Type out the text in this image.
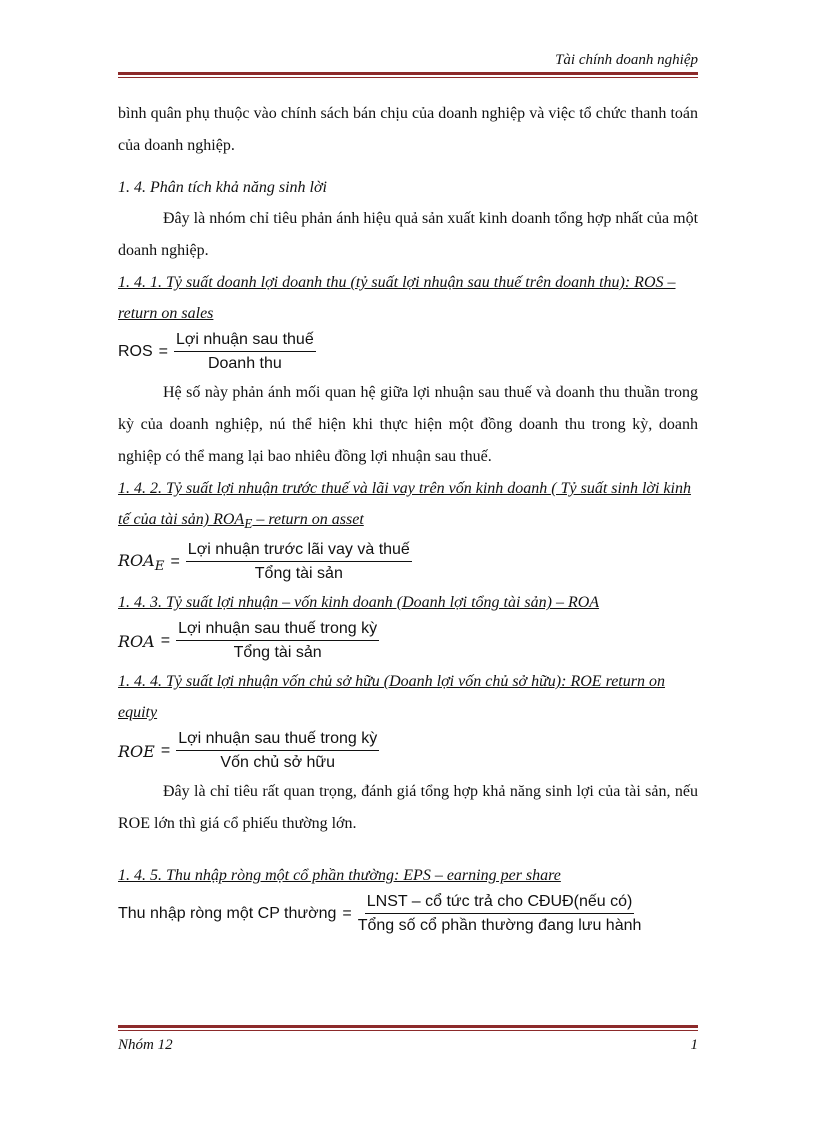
Tài chính doanh nghiệp

bình quân phụ thuộc vào chính sách bán chịu của doanh nghiệp và việc tổ chức thanh toán của doanh nghiệp.

1. 4. Phân tích khả năng sinh lời

Đây là nhóm chỉ tiêu phản ánh hiệu quả sản xuất kinh doanh tổng hợp nhất của một doanh nghiệp.

1. 4. 1. Tỷ suất doanh lợi doanh thu (tỷ suất lợi nhuận sau thuế trên doanh thu): ROS – return on sales

ROS = $\frac{\text{Lợi nhuận sau thuế}}{\text{Doanh thu}}$

Hệ số này phản ánh mối quan hệ giữa lợi nhuận sau thuế và doanh thu thuần trong kỳ của doanh nghiệp, nú thể hiện khi thực hiện một đồng doanh thu trong kỳ, doanh nghiệp có thể mang lại bao nhiêu đồng lợi nhuận sau thuế.

1. 4. 2. Tỷ suất lợi nhuận trước thuế và lãi vay trên vốn kinh doanh ( Tỷ suất sinh lời kinh tế của tài sản) $ROA_E$ – return on asset

$ROA_E = \frac{\text{Lợi nhuận trước lãi vay và thuế}}{\text{Tổng tài sản}}$

1. 4. 3. Tỷ suất lợi nhuận – vốn kinh doanh (Doanh lợi tổng tài sản) – ROA

ROA = $\frac{\text{Lợi nhuận sau thuế trong kỳ}}{\text{Tổng tài sản}}$

1. 4. 4. Tỷ suất lợi nhuận vốn chủ sở hữu (Doanh lợi vốn chủ sở hữu): ROE return on equity

ROE = $\frac{\text{Lợi nhuận sau thuế trong kỳ}}{\text{Vốn chủ sở hữu}}$

Đây là chỉ tiêu rất quan trọng, đánh giá tổng hợp khả năng sinh lợi của tài sản, nếu ROE lớn thì giá cổ phiếu thường lớn.

1. 4. 5. Thu nhập ròng một cổ phần thường: EPS – earning per share

Thu nhập ròng một CP thường = $\frac{\text{LNST – cổ tức trả cho CĐUĐ(nếu có)}}{\text{Tổng số cổ phần thường đang lưu hành}}$
Nhóm 12	1
